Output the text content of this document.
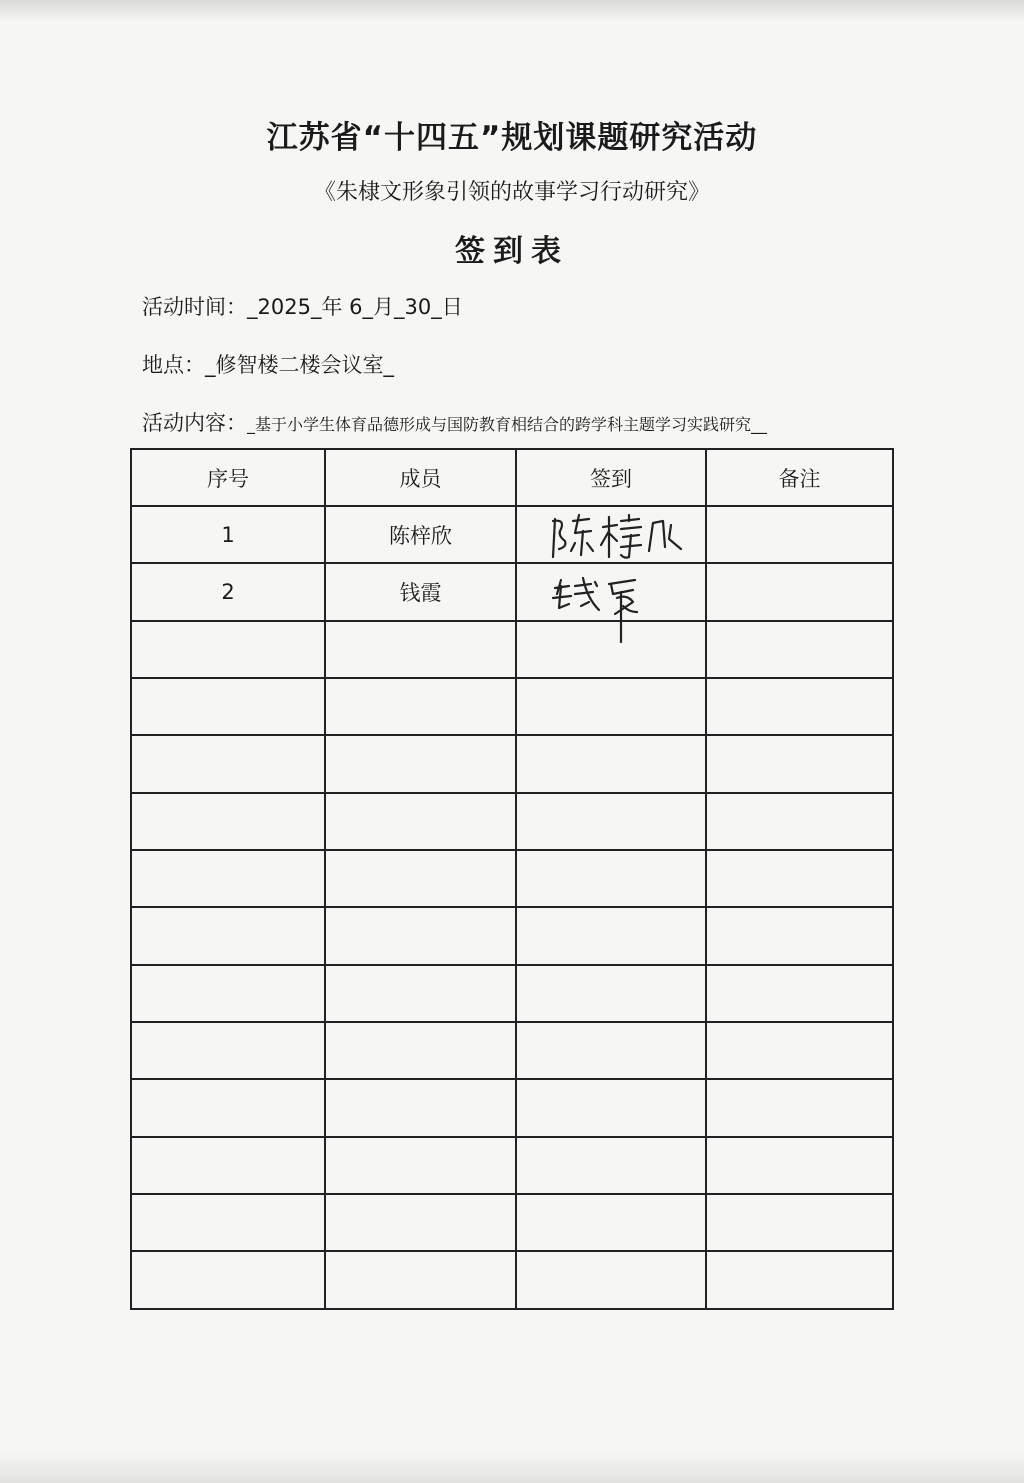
江苏省“十四五”规划课题研究活动
《朱棣文形象引领的故事学习行动研究》
签到表
活动时间：_2025_年 6_月_30_日
地点：_修智楼二楼会议室_
活动内容：_基于小学生体育品德形成与国防教育相结合的跨学科主题学习实践研究__
序号	成员	签到	备注
1	陈梓欣	

2	钱霞	
